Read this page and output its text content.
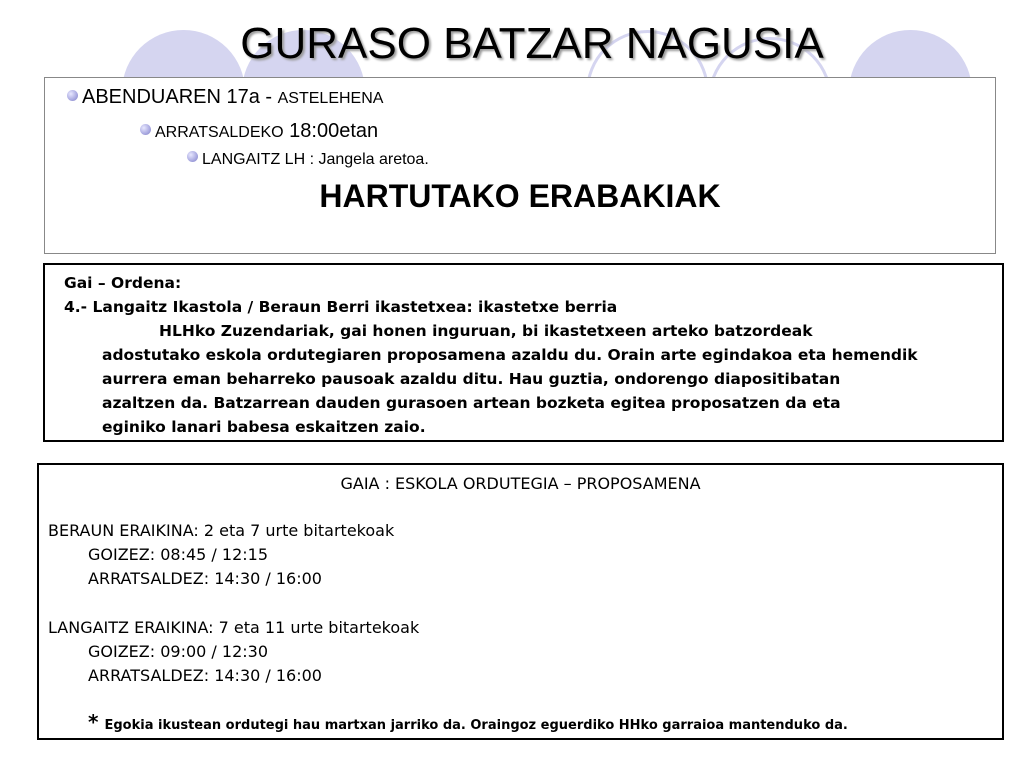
GURASO BATZAR NAGUSIA
ABENDUAREN 17a - ASTELEHENA
ARRATSALDEKO 18:00etan
LANGAITZ LH : Jangela aretoa.
HARTUTAKO ERABAKIAK
Gai – Ordena:
4.- Langaitz Ikastola / Beraun Berri ikastetxea: ikastetxe berria
HLHko Zuzendariak, gai honen inguruan, bi ikastetxeen arteko batzordeak
adostutako eskola ordutegiaren proposamena azaldu du. Orain arte egindakoa eta hemendik
aurrera eman beharreko pausoak azaldu ditu. Hau guztia, ondorengo diapositibatan
azaltzen da. Batzarrean dauden gurasoen artean bozketa egitea proposatzen da eta
eginiko lanari babesa eskaitzen zaio.
GAIA : ESKOLA ORDUTEGIA – PROPOSAMENA
BERAUN ERAIKINA: 2 eta 7 urte bitartekoak
GOIZEZ: 08:45 / 12:15
ARRATSALDEZ: 14:30 / 16:00
LANGAITZ ERAIKINA: 7 eta 11 urte bitartekoak
GOIZEZ: 09:00 / 12:30
ARRATSALDEZ: 14:30 / 16:00
* Egokia ikustean ordutegi hau martxan jarriko da. Oraingoz eguerdiko HHko garraioa mantenduko da.
